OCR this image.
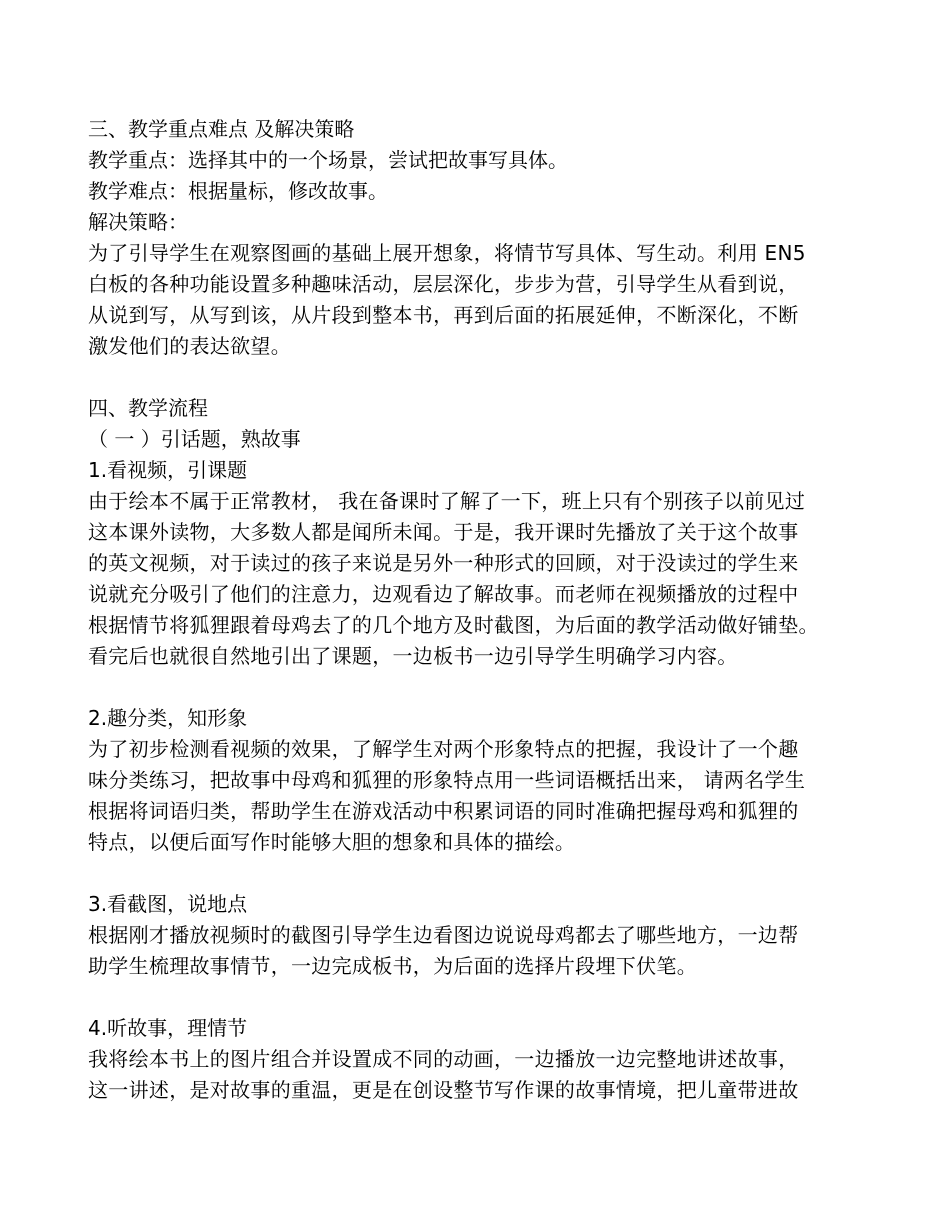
三、教学重点难点 及解决策略
教学重点：选择其中的一个场景，尝试把故事写具体。
教学难点：根据量标，修改故事。
解决策略：
为了引导学生在观察图画的基础上展开想象，将情节写具体、写生动。利用 EN5
白板的各种功能设置多种趣味活动，层层深化，步步为营，引导学生从看到说，
从说到写，从写到该，从片段到整本书，再到后面的拓展延伸，不断深化，不断
激发他们的表达欲望。
四、教学流程
（ 一 ）引话题，熟故事
1.看视频，引课题
由于绘本不属于正常教材， 我在备课时了解了一下，班上只有个别孩子以前见过
这本课外读物，大多数人都是闻所未闻。于是，我开课时先播放了关于这个故事
的英文视频，对于读过的孩子来说是另外一种形式的回顾，对于没读过的学生来
说就充分吸引了他们的注意力，边观看边了解故事。而老师在视频播放的过程中
根据情节将狐狸跟着母鸡去了的几个地方及时截图，为后面的教学活动做好铺垫。
看完后也就很自然地引出了课题，一边板书一边引导学生明确学习内容。
2.趣分类，知形象
为了初步检测看视频的效果，了解学生对两个形象特点的把握，我设计了一个趣
味分类练习，把故事中母鸡和狐狸的形象特点用一些词语概括出来， 请两名学生
根据将词语归类，帮助学生在游戏活动中积累词语的同时准确把握母鸡和狐狸的
特点，以便后面写作时能够大胆的想象和具体的描绘。
3.看截图，说地点
根据刚才播放视频时的截图引导学生边看图边说说母鸡都去了哪些地方，一边帮
助学生梳理故事情节，一边完成板书，为后面的选择片段埋下伏笔。
4.听故事，理情节
我将绘本书上的图片组合并设置成不同的动画，一边播放一边完整地讲述故事，
这一讲述，是对故事的重温，更是在创设整节写作课的故事情境，把儿童带进故
